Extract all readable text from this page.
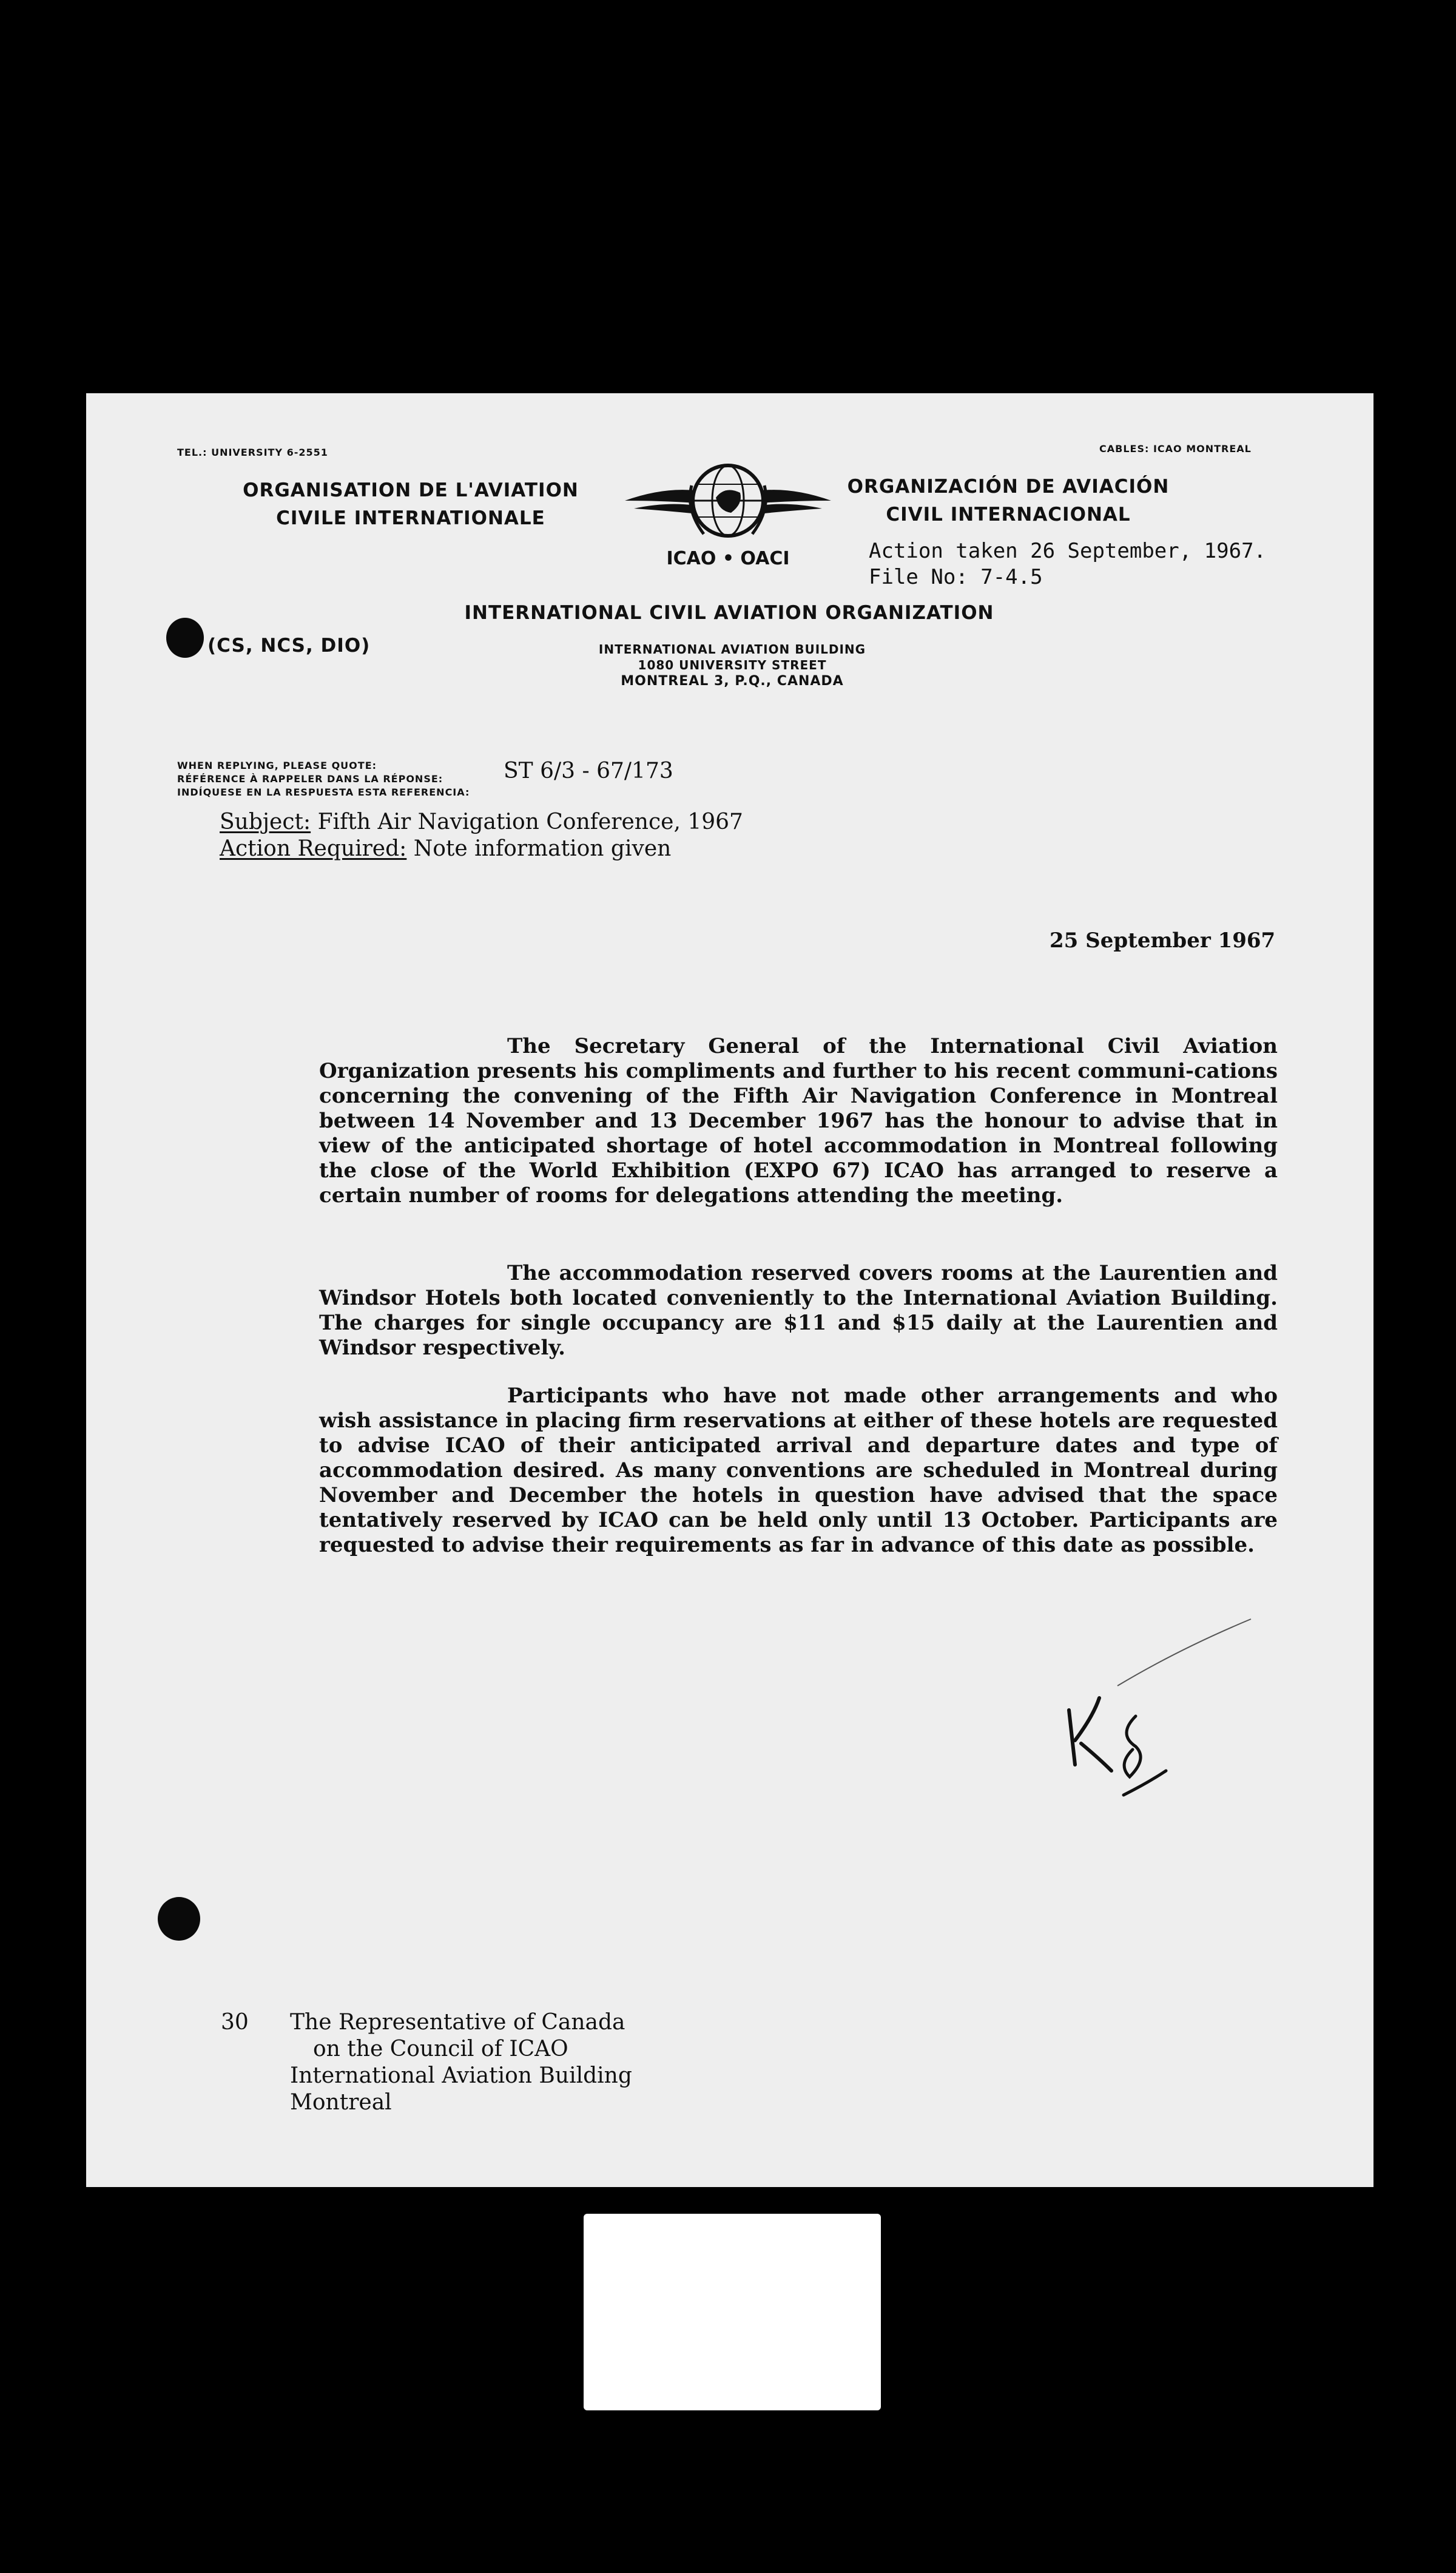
TEL.: UNIVERSITY 6-2551	CABLES: ICAO MONTREAL
ORGANISATION DE L'AVIATION
CIVILE INTERNATIONALE
ICAO • OACI
ORGANIZACIÓN DE AVIACIÓN
CIVIL INTERNACIONAL
Action taken 26 September, 1967.
File No: 7-4.5
INTERNATIONAL CIVIL AVIATION ORGANIZATION
(CS, NCS, DIO)	INTERNATIONAL AVIATION BUILDING
1080 UNIVERSITY STREET
MONTREAL 3, P.Q., CANADA
WHEN REPLYING, PLEASE QUOTE:
RÉFÉRENCE À RAPPELER DANS LA RÉPONSE:
INDÍQUESE EN LA RESPUESTA ESTA REFERENCIA:
ST 6/3 - 67/173
Subject: Fifth Air Navigation Conference, 1967
Action Required: Note information given
25 September 1967
The Secretary General of the International Civil Aviation Organization presents his compliments and further to his recent communi-cations concerning the convening of the Fifth Air Navigation Conference in Montreal between 14 November and 13 December 1967 has the honour to advise that in view of the anticipated shortage of hotel accommodation in Montreal following the close of the World Exhibition (EXPO 67) ICAO has arranged to reserve a certain number of rooms for delegations attending the meeting.
The accommodation reserved covers rooms at the Laurentien and Windsor Hotels both located conveniently to the International Aviation Building. The charges for single occupancy are $11 and $15 daily at the Laurentien and Windsor respectively.
Participants who have not made other arrangements and who wish assistance in placing firm reservations at either of these hotels are requested to advise ICAO of their anticipated arrival and departure dates and type of accommodation desired. As many conventions are scheduled in Montreal during November and December the hotels in question have advised that the space tentatively reserved by ICAO can be held only until 13 October. Participants are requested to advise their requirements as far in advance of this date as possible.
30 The Representative of Canada
on the Council of ICAO
International Aviation Building
Montreal
